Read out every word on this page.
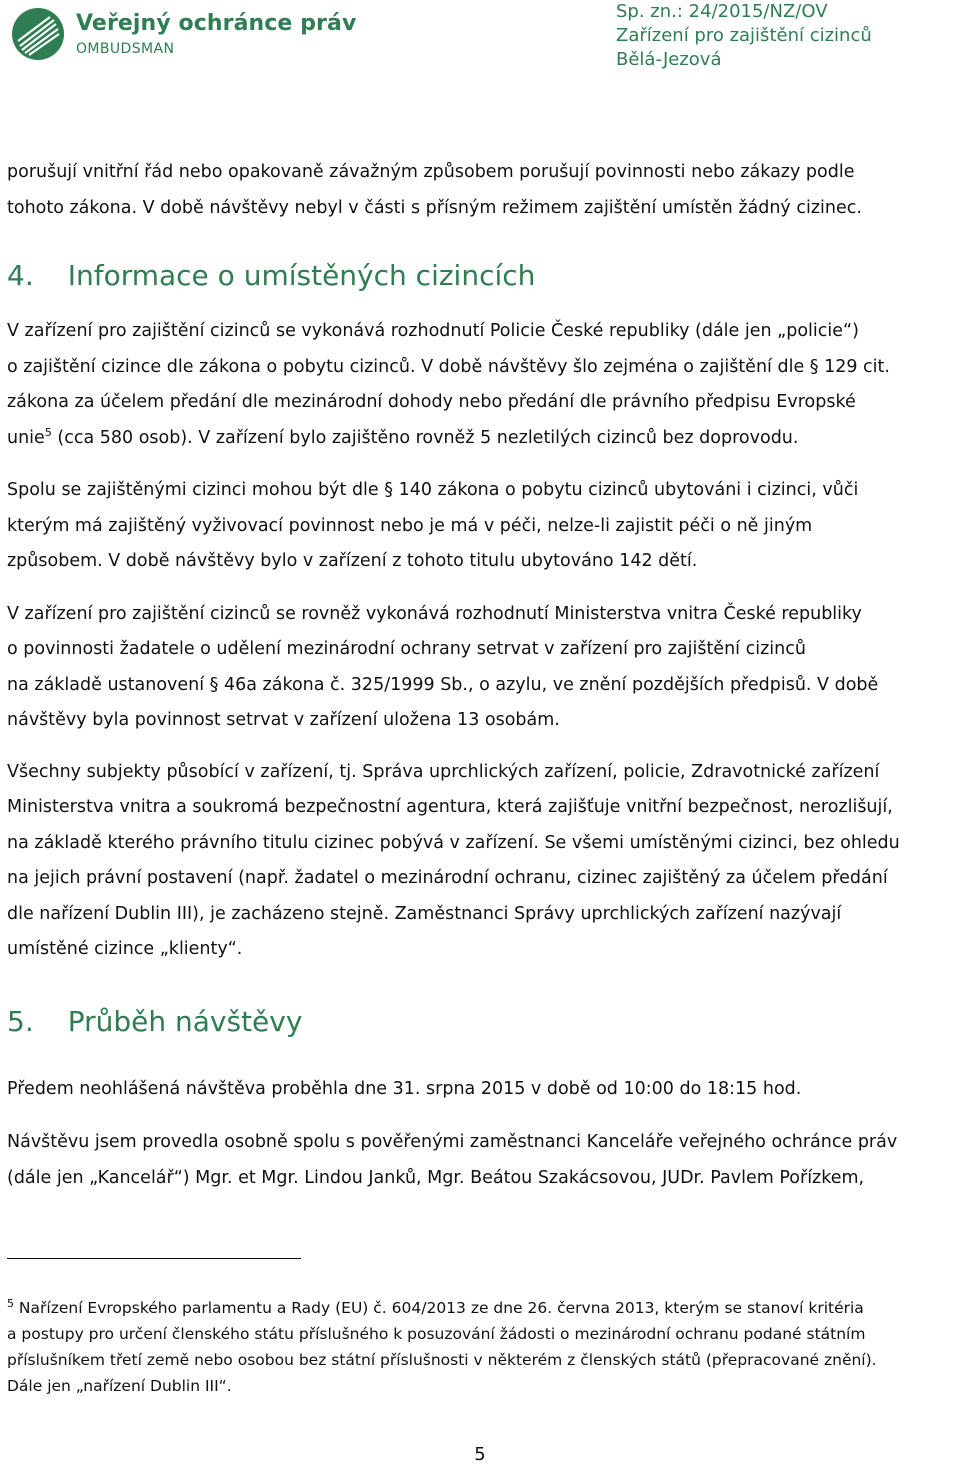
Veřejný ochránce práv
OMBUDSMAN
Sp. zn.: 24/2015/NZ/OV
Zařízení pro zajištění cizinců
Bělá-Jezová

porušují vnitřní řád nebo opakovaně závažným způsobem porušují povinnosti nebo zákazy podle
tohoto zákona. V době návštěvy nebyl v části s přísným režimem zajištění umístěn žádný cizinec.

4. Informace o umístěných cizincích

V zařízení pro zajištění cizinců se vykonává rozhodnutí Policie České republiky (dále jen „policie“)
o zajištění cizince dle zákona o pobytu cizinců. V době návštěvy šlo zejména o zajištění dle § 129 cit.
zákona za účelem předání dle mezinárodní dohody nebo předání dle právního předpisu Evropské
unie$^5$ (cca 580 osob). V zařízení bylo zajištěno rovněž 5 nezletilých cizinců bez doprovodu.

Spolu se zajištěnými cizinci mohou být dle § 140 zákona o pobytu cizinců ubytováni i cizinci, vůči
kterým má zajištěný vyživovací povinnost nebo je má v péči, nelze-li zajistit péči o ně jiným
způsobem. V době návštěvy bylo v zařízení z tohoto titulu ubytováno 142 dětí.

V zařízení pro zajištění cizinců se rovněž vykonává rozhodnutí Ministerstva vnitra České republiky
o povinnosti žadatele o udělení mezinárodní ochrany setrvat v zařízení pro zajištění cizinců
na základě ustanovení § 46a zákona č. 325/1999 Sb., o azylu, ve znění pozdějších předpisů. V době
návštěvy byla povinnost setrvat v zařízení uložena 13 osobám.

Všechny subjekty působící v zařízení, tj. Správa uprchlických zařízení, policie, Zdravotnické zařízení
Ministerstva vnitra a soukromá bezpečnostní agentura, která zajišťuje vnitřní bezpečnost, nerozlišují,
na základě kterého právního titulu cizinec pobývá v zařízení. Se všemi umístěnými cizinci, bez ohledu
na jejich právní postavení (např. žadatel o mezinárodní ochranu, cizinec zajištěný za účelem předání
dle nařízení Dublin III), je zacházeno stejně. Zaměstnanci Správy uprchlických zařízení nazývají
umístěné cizince „klienty“.

5. Průběh návštěvy

Předem neohlášená návštěva proběhla dne 31. srpna 2015 v době od 10:00 do 18:15 hod.

Návštěvu jsem provedla osobně spolu s pověřenými zaměstnanci Kanceláře veřejného ochránce práv
(dále jen „Kancelář“) Mgr. et Mgr. Lindou Janků, Mgr. Beátou Szakácsovou, JUDr. Pavlem Pořízkem,

$^5$ Nařízení Evropského parlamentu a Rady (EU) č. 604/2013 ze dne 26. června 2013, kterým se stanoví kritéria
a postupy pro určení členského státu příslušného k posuzování žádosti o mezinárodní ochranu podané státním
příslušníkem třetí země nebo osobou bez státní příslušnosti v některém z členských států (přepracované znění).
Dále jen „nařízení Dublin III“.
5
